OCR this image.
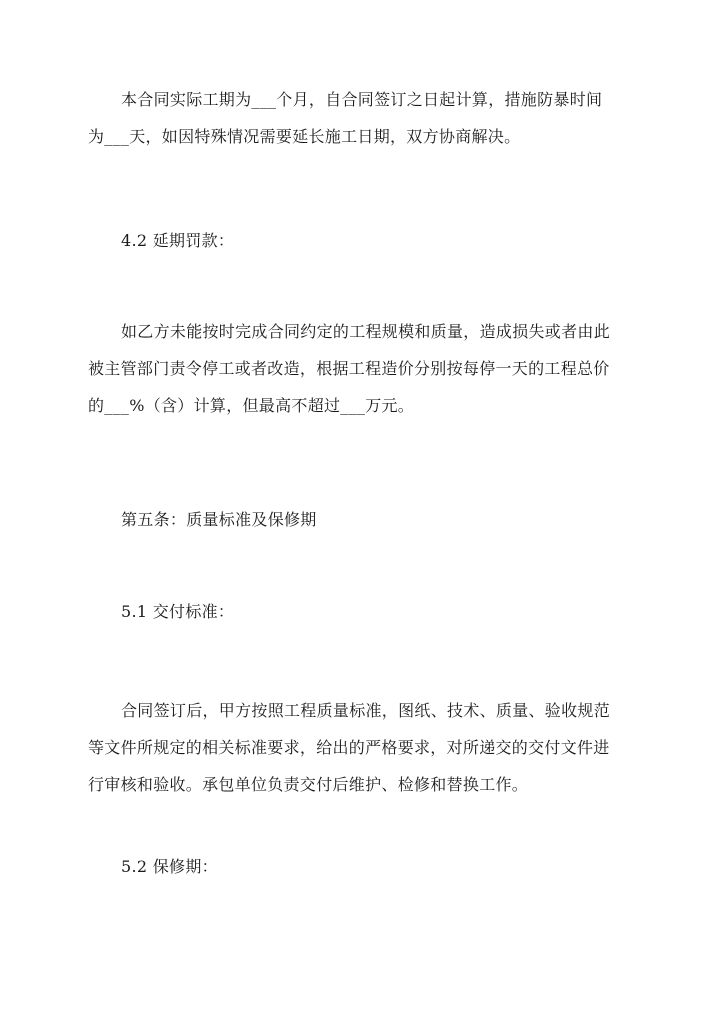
本合同实际工期为___个月，自合同签订之日起计算，措施防暴时间
为___天，如因特殊情况需要延长施工日期，双方协商解决。
4.2 延期罚款：
如乙方未能按时完成合同约定的工程规模和质量，造成损失或者由此
被主管部门责令停工或者改造，根据工程造价分别按每停一天的工程总价
的___%（含）计算，但最高不超过___万元。
第五条：质量标准及保修期
5.1 交付标准：
合同签订后，甲方按照工程质量标准，图纸、技术、质量、验收规范
等文件所规定的相关标准要求，给出的严格要求，对所递交的交付文件进
行审核和验收。承包单位负责交付后维护、检修和替换工作。
5.2 保修期：
